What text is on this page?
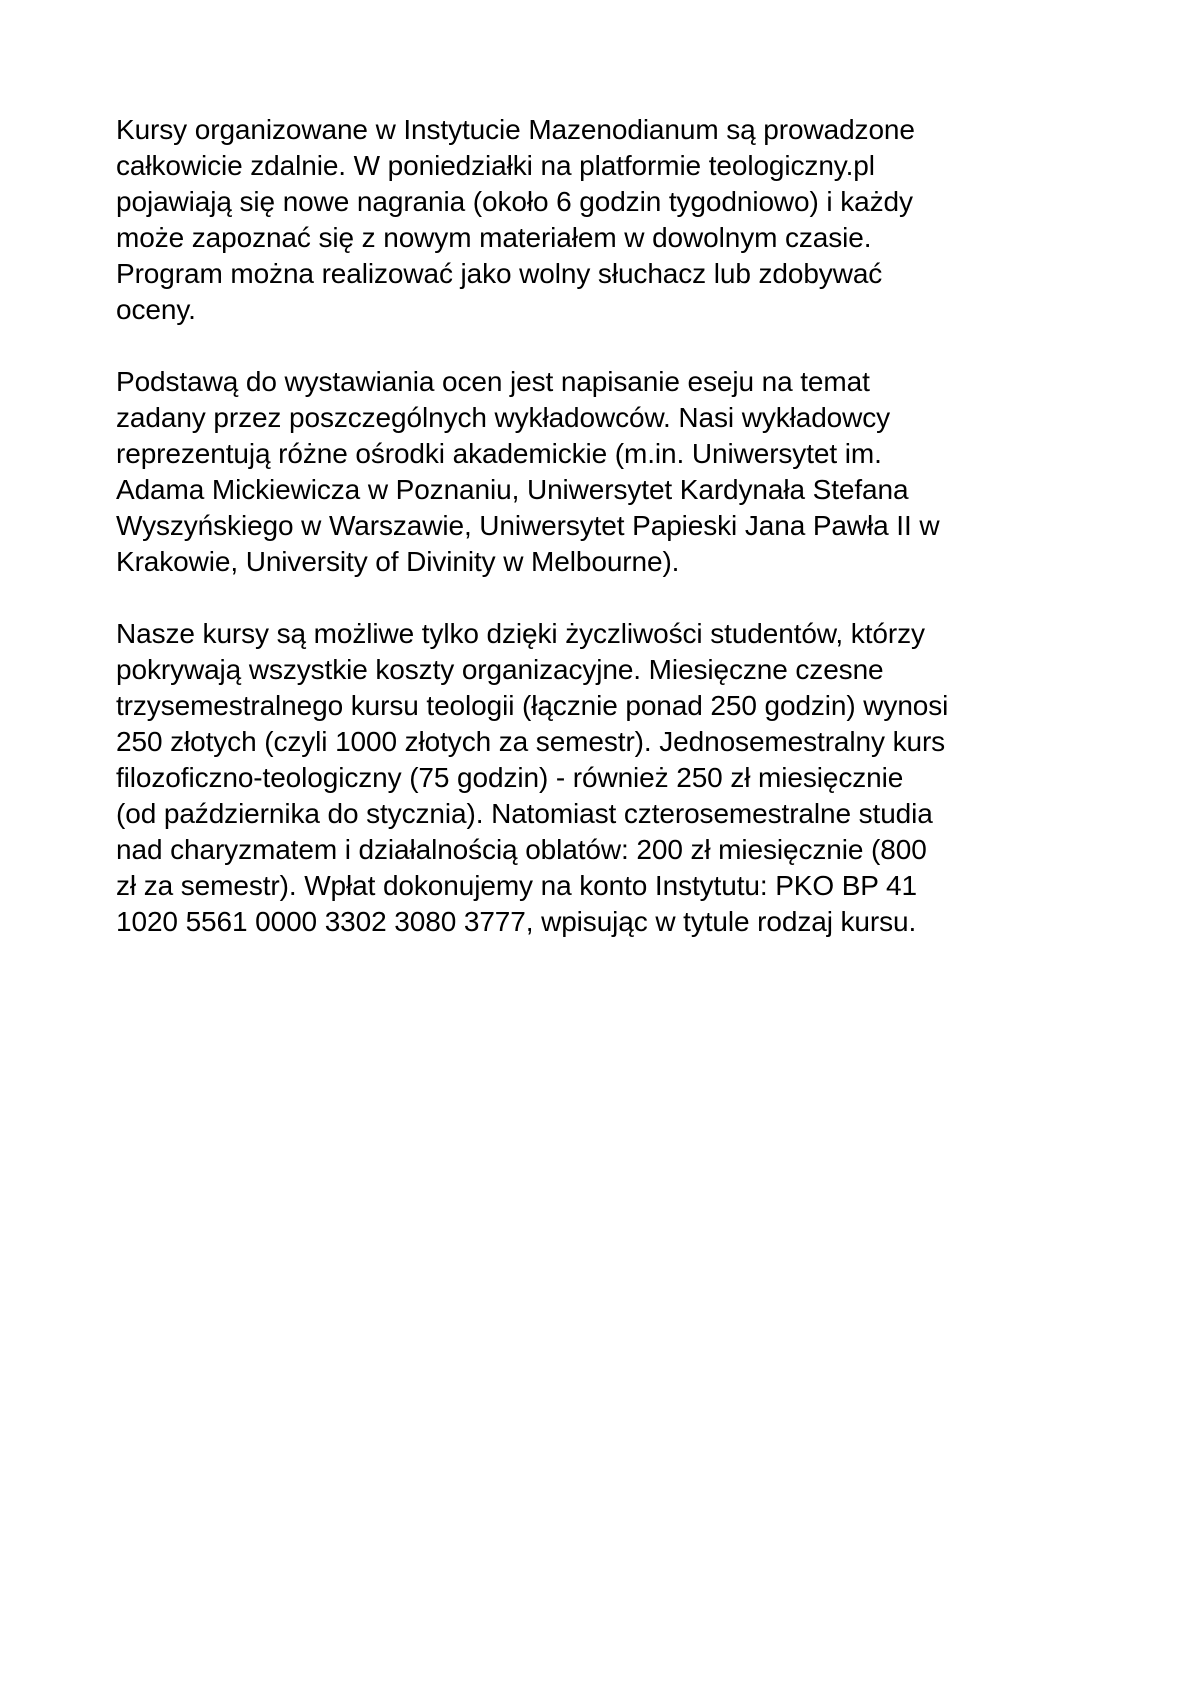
Kursy organizowane w Instytucie Mazenodianum są prowadzone
całkowicie zdalnie. W poniedziałki na platformie teologiczny.pl
pojawiają się nowe nagrania (około 6 godzin tygodniowo) i każdy
może zapoznać się z nowym materiałem w dowolnym czasie.
Program można realizować jako wolny słuchacz lub zdobywać
oceny.

Podstawą do wystawiania ocen jest napisanie eseju na temat
zadany przez poszczególnych wykładowców. Nasi wykładowcy
reprezentują różne ośrodki akademickie (m.in. Uniwersytet im.
Adama Mickiewicza w Poznaniu, Uniwersytet Kardynała Stefana
Wyszyńskiego w Warszawie, Uniwersytet Papieski Jana Pawła II w
Krakowie, University of Divinity w Melbourne).

Nasze kursy są możliwe tylko dzięki życzliwości studentów, którzy
pokrywają wszystkie koszty organizacyjne. Miesięczne czesne
trzysemestralnego kursu teologii (łącznie ponad 250 godzin) wynosi
250 złotych (czyli 1000 złotych za semestr). Jednosemestralny kurs
filozoficzno-teologiczny (75 godzin) - również 250 zł miesięcznie
(od października do stycznia). Natomiast czterosemestralne studia
nad charyzmatem i działalnością oblatów: 200 zł miesięcznie (800
zł za semestr). Wpłat dokonujemy na konto Instytutu: PKO BP 41
1020 5561 0000 3302 3080 3777, wpisując w tytule rodzaj kursu.
